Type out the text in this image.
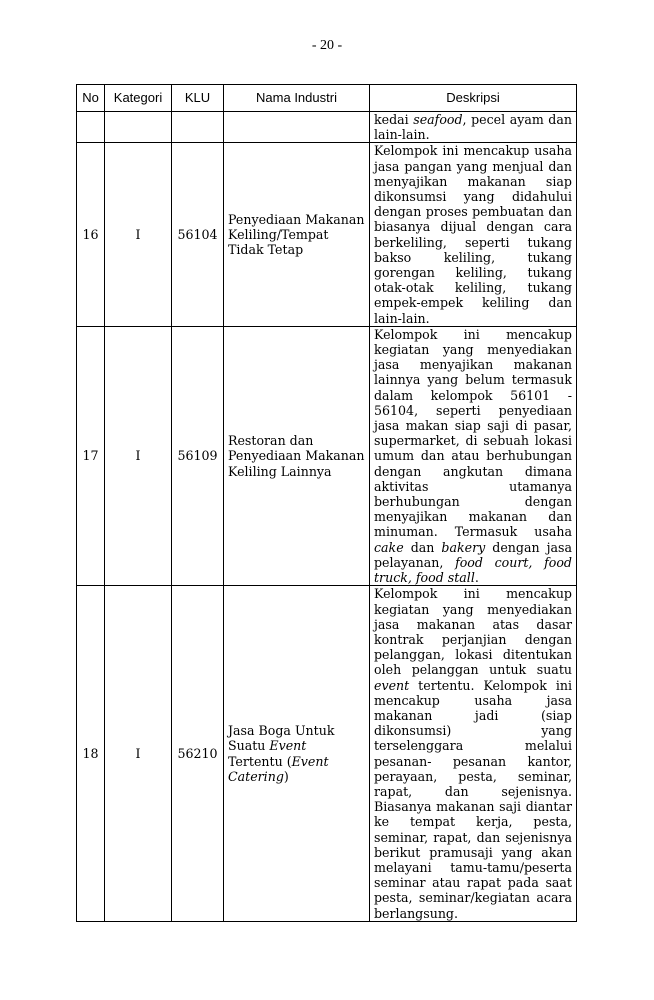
- 20 -
No	Kategori	KLU	Nama Industri	Deskripsi
				kedai seafood, pecel ayam dan lain-lain.
16	I	56104	Penyediaan Makanan Keliling/Tempat Tidak Tetap	Kelompok ini mencakup usaha jasa pangan yang menjual dan menyajikan makanan siap dikonsumsi yang didahului dengan proses pembuatan dan biasanya dijual dengan cara berkeliling, seperti tukang bakso keliling, tukang gorengan keliling, tukang otak-otak keliling, tukang empek-empek keliling dan lain-lain.
17	I	56109	Restoran dan Penyediaan Makanan Keliling Lainnya	Kelompok ini mencakup kegiatan yang menyediakan jasa menyajikan makanan lainnya yang belum termasuk dalam kelompok 56101 - 56104, seperti penyediaan jasa makan siap saji di pasar, supermarket, di sebuah lokasi umum dan atau berhubungan dengan angkutan dimana aktivitas utamanya berhubungan dengan menyajikan makanan dan minuman. Termasuk usaha cake dan bakery dengan jasa pelayanan, food court, food truck, food stall.
18	I	56210	Jasa Boga Untuk Suatu Event Tertentu (Event Catering)	Kelompok ini mencakup kegiatan yang menyediakan jasa makanan atas dasar kontrak perjanjian dengan pelanggan, lokasi ditentukan oleh pelanggan untuk suatu event tertentu. Kelompok ini mencakup usaha jasa makanan jadi (siap dikonsumsi) yang terselenggara melalui pesanan- pesanan kantor, perayaan, pesta, seminar, rapat, dan sejenisnya. Biasanya makanan saji diantar ke tempat kerja, pesta, seminar, rapat, dan sejenisnya berikut pramusaji yang akan melayani tamu-tamu/peserta seminar atau rapat pada saat pesta, seminar/kegiatan acara berlangsung.
